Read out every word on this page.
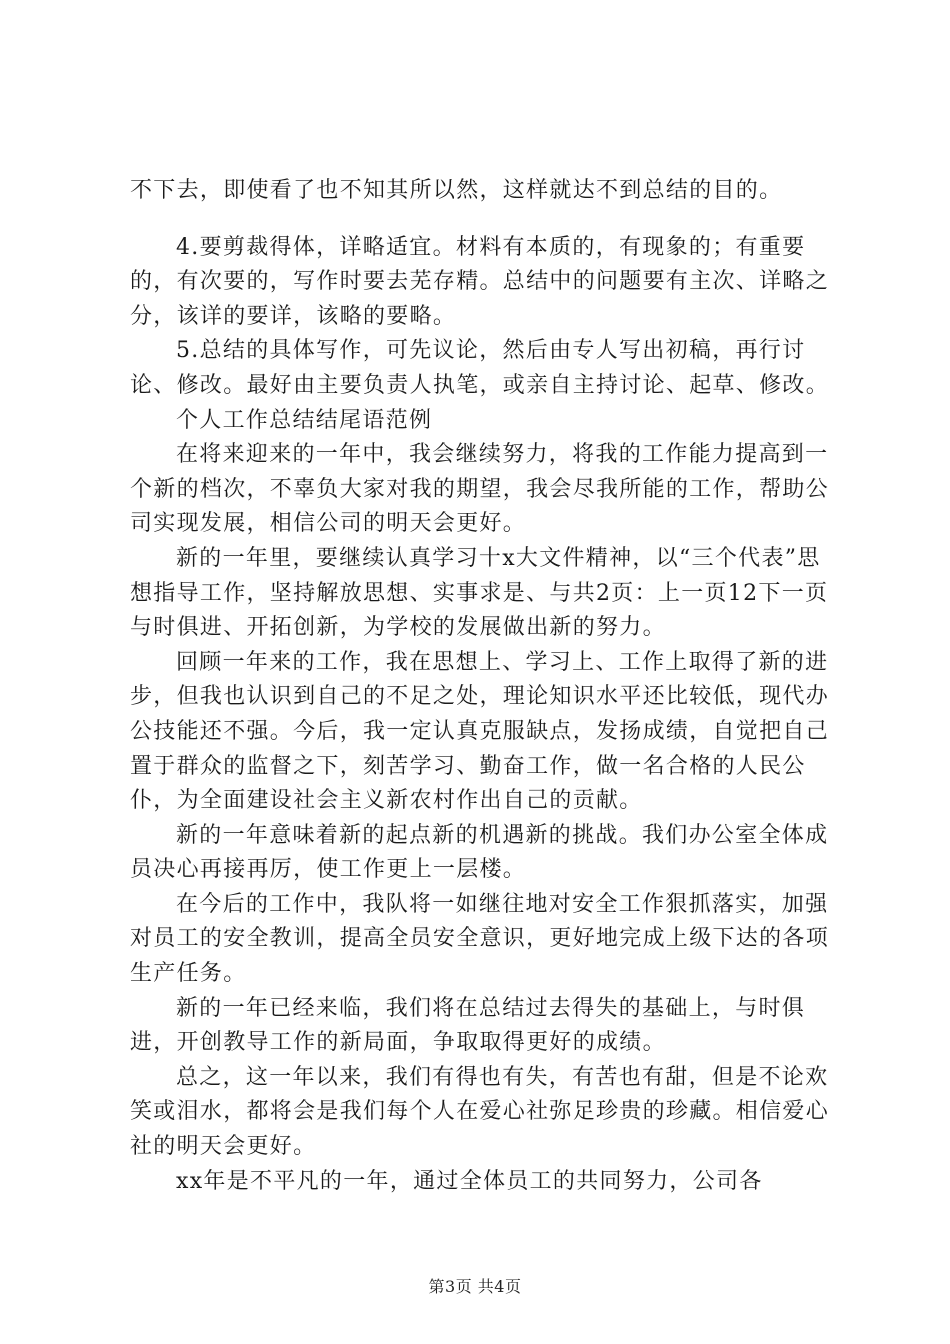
不下去，即使看了也不知其所以然，这样就达不到总结的目的。

4.要剪裁得体，详略适宜。材料有本质的，有现象的；有重要的，有次要的，写作时要去芜存精。总结中的问题要有主次、详略之分，该详的要详，该略的要略。

5.总结的具体写作，可先议论，然后由专人写出初稿，再行讨论、修改。最好由主要负责人执笔，或亲自主持讨论、起草、修改。

个人工作总结结尾语范例

在将来迎来的一年中，我会继续努力，将我的工作能力提高到一个新的档次，不辜负大家对我的期望，我会尽我所能的工作，帮助公司实现发展，相信公司的明天会更好。

新的一年里，要继续认真学习十x大文件精神，以“三个代表”思想指导工作，坚持解放思想、实事求是、与共2页：上一页12下一页与时俱进、开拓创新，为学校的发展做出新的努力。

回顾一年来的工作，我在思想上、学习上、工作上取得了新的进步，但我也认识到自己的不足之处，理论知识水平还比较低，现代办公技能还不强。今后，我一定认真克服缺点，发扬成绩，自觉把自己置于群众的监督之下，刻苦学习、勤奋工作，做一名合格的人民公仆，为全面建设社会主义新农村作出自己的贡献。

新的一年意味着新的起点新的机遇新的挑战。我们办公室全体成员决心再接再厉，使工作更上一层楼。

在今后的工作中，我队将一如继往地对安全工作狠抓落实，加强对员工的安全教训，提高全员安全意识，更好地完成上级下达的各项生产任务。

新的一年已经来临，我们将在总结过去得失的基础上，与时俱进，开创教导工作的新局面，争取取得更好的成绩。

总之，这一年以来，我们有得也有失，有苦也有甜，但是不论欢笑或泪水，都将会是我们每个人在爱心社弥足珍贵的珍藏。相信爱心社的明天会更好。

xx年是不平凡的一年，通过全体员工的共同努力，公司各

第3页 共4页
